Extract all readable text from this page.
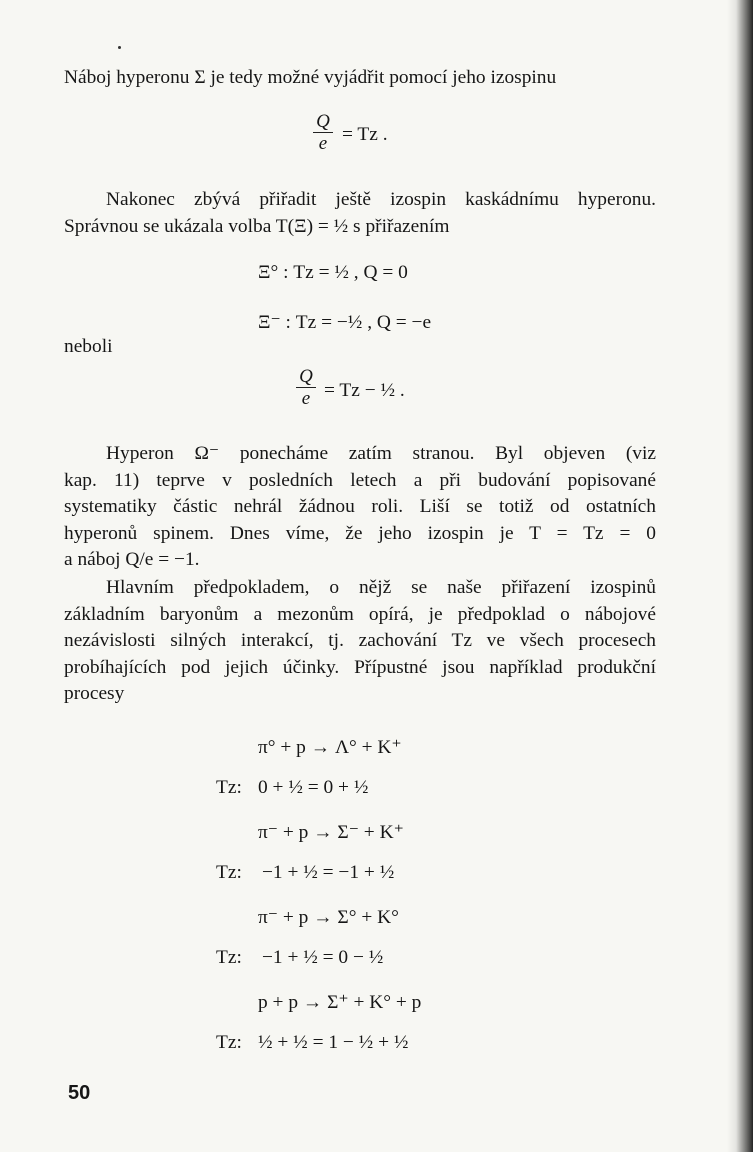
Náboj hyperonu Σ je tedy možné vyjádřit pomocí jeho izospinu
$\frac{Q}{e} = Tz$ .
Nakonec zbývá přiřadit ještě izospin kaskádnímu hyperonu.
Správnou se ukázala volba T(Ξ) = ½ s přiřazením
Ξ° : Tz = ½ , Q = 0
Ξ⁻ : Tz = −½ , Q = −e
neboli
$\frac{Q}{e} = Tz$ − ½ .
Hyperon Ω⁻ ponecháme zatím stranou. Byl objeven (viz
kap. 11) teprve v posledních letech a při budování popisované
systematiky částic nehrál žádnou roli. Liší se totiž od ostatních
hyperonů spinem. Dnes víme, že jeho izospin je T = Tz = 0
a náboj Q/e = −1.
Hlavním předpokladem, o nějž se naše přiřazení izospinů
základním baryonům a mezonům opírá, je předpoklad o nábojové
nezávislosti silných interakcí, tj. zachování Tz ve všech procesech
probíhajících pod jejich účinky. Přípustné jsou například produkční
procesy
π° + p → Λ° + K⁺
Tz: 0 + ½ = 0 + ½
π⁻ + p → Σ⁻ + K⁺
Tz: −1 + ½ = −1 + ½
π⁻ + p → Σ° + K°
Tz: −1 + ½ = 0 − ½
p + p → Σ⁺ + K° + p
Tz: ½ + ½ = 1 − ½ + ½
50
